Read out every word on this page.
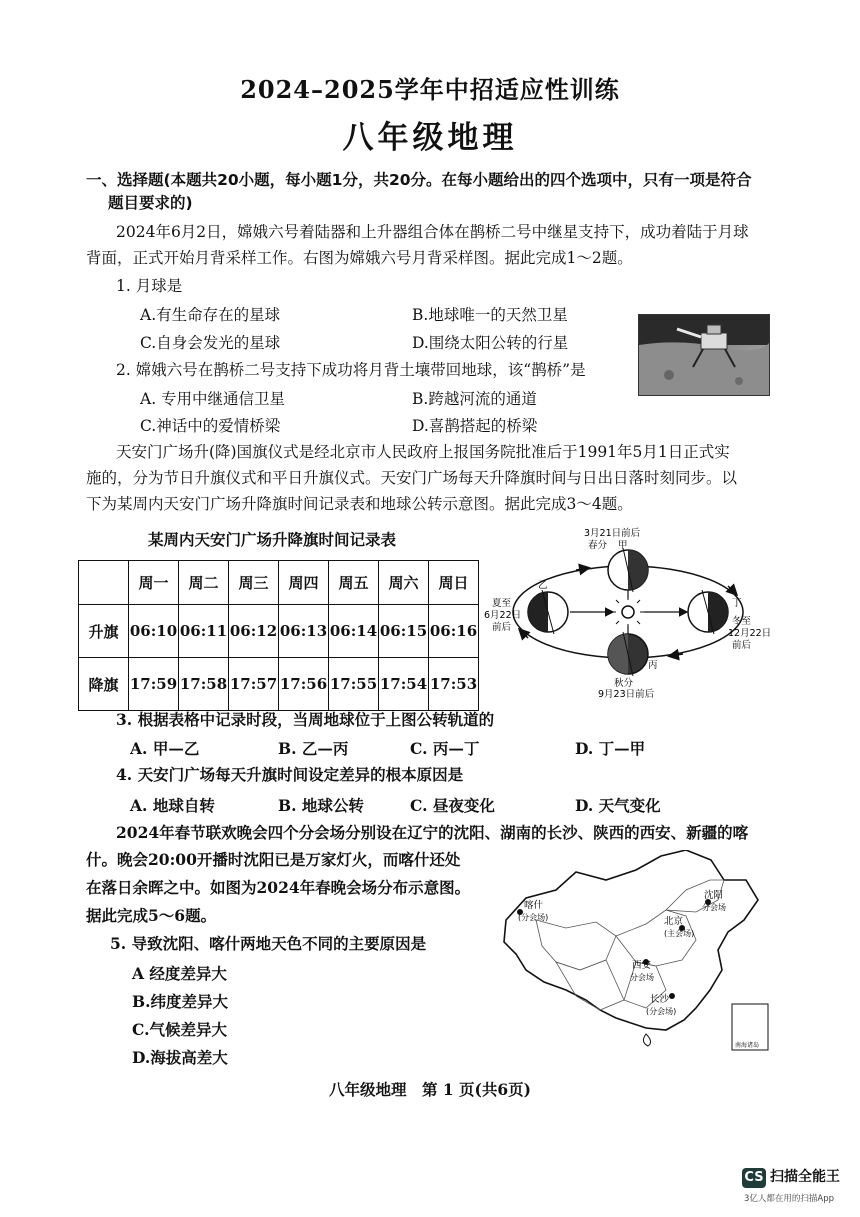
2024–2025学年中招适应性训练
八年级地理
一、选择题(本题共20小题，每小题1分，共20分。在每小题给出的四个选项中，只有一项是符合
题目要求的)
2024年6月2日，嫦娥六号着陆器和上升器组合体在鹊桥二号中继星支持下，成功着陆于月球
背面，正式开始月背采样工作。右图为嫦娥六号月背采样图。据此完成1～2题。
1. 月球是
A.有生命存在的星球	B.地球唯一的天然卫星
C.自身会发光的星球	D.围绕太阳公转的行星
2. 嫦娥六号在鹊桥二号支持下成功将月背土壤带回地球，该“鹊桥”是
A. 专用中继通信卫星	B.跨越河流的通道
C.神话中的爱情桥梁	D.喜鹊搭起的桥梁
天安门广场升(降)国旗仪式是经北京市人民政府上报国务院批准后于1991年5月1日正式实
施的，分为节日升旗仪式和平日升旗仪式。天安门广场每天升降旗时间与日出日落时刻同步。以
下为某周内天安门广场升降旗时间记录表和地球公转示意图。据此完成3～4题。
某周内天安门广场升降旗时间记录表
	周一	周二	周三	周四	周五	周六	周日
升旗	06:10	06:11	06:12	06:13	06:14	06:15	06:16
降旗	17:59	17:58	17:57	17:56	17:55	17:54	17:53
3月21日前后
春分 甲
乙
夏至
6月22日
前后
丁
冬至
12月22日
前后
丙
秋分
9月23日前后
3. 根据表格中记录时段，当周地球位于上图公转轨道的
A. 甲—乙	B. 乙—丙	C. 丙—丁	D. 丁—甲
4. 天安门广场每天升旗时间设定差异的根本原因是
A. 地球自转	B. 地球公转	C. 昼夜变化	D. 天气变化
2024年春节联欢晚会四个分会场分别设在辽宁的沈阳、湖南的长沙、陕西的西安、新疆的喀
什。晚会20:00开播时沈阳已是万家灯火，而喀什还处
在落日余晖之中。如图为2024年春晚会场分布示意图。
据此完成5～6题。
5. 导致沈阳、喀什两地天色不同的主要原因是
A 经度差异大
B.纬度差异大
C.气候差异大
D.海拔高差大
南海诸岛
喀什
(分会场)
沈阳
分会场
北京
(主会场)
西安
分会场
长沙
(分会场)
八年级地理　第 1 页(共6页)
CS 扫描全能王
3亿人都在用的扫描App
